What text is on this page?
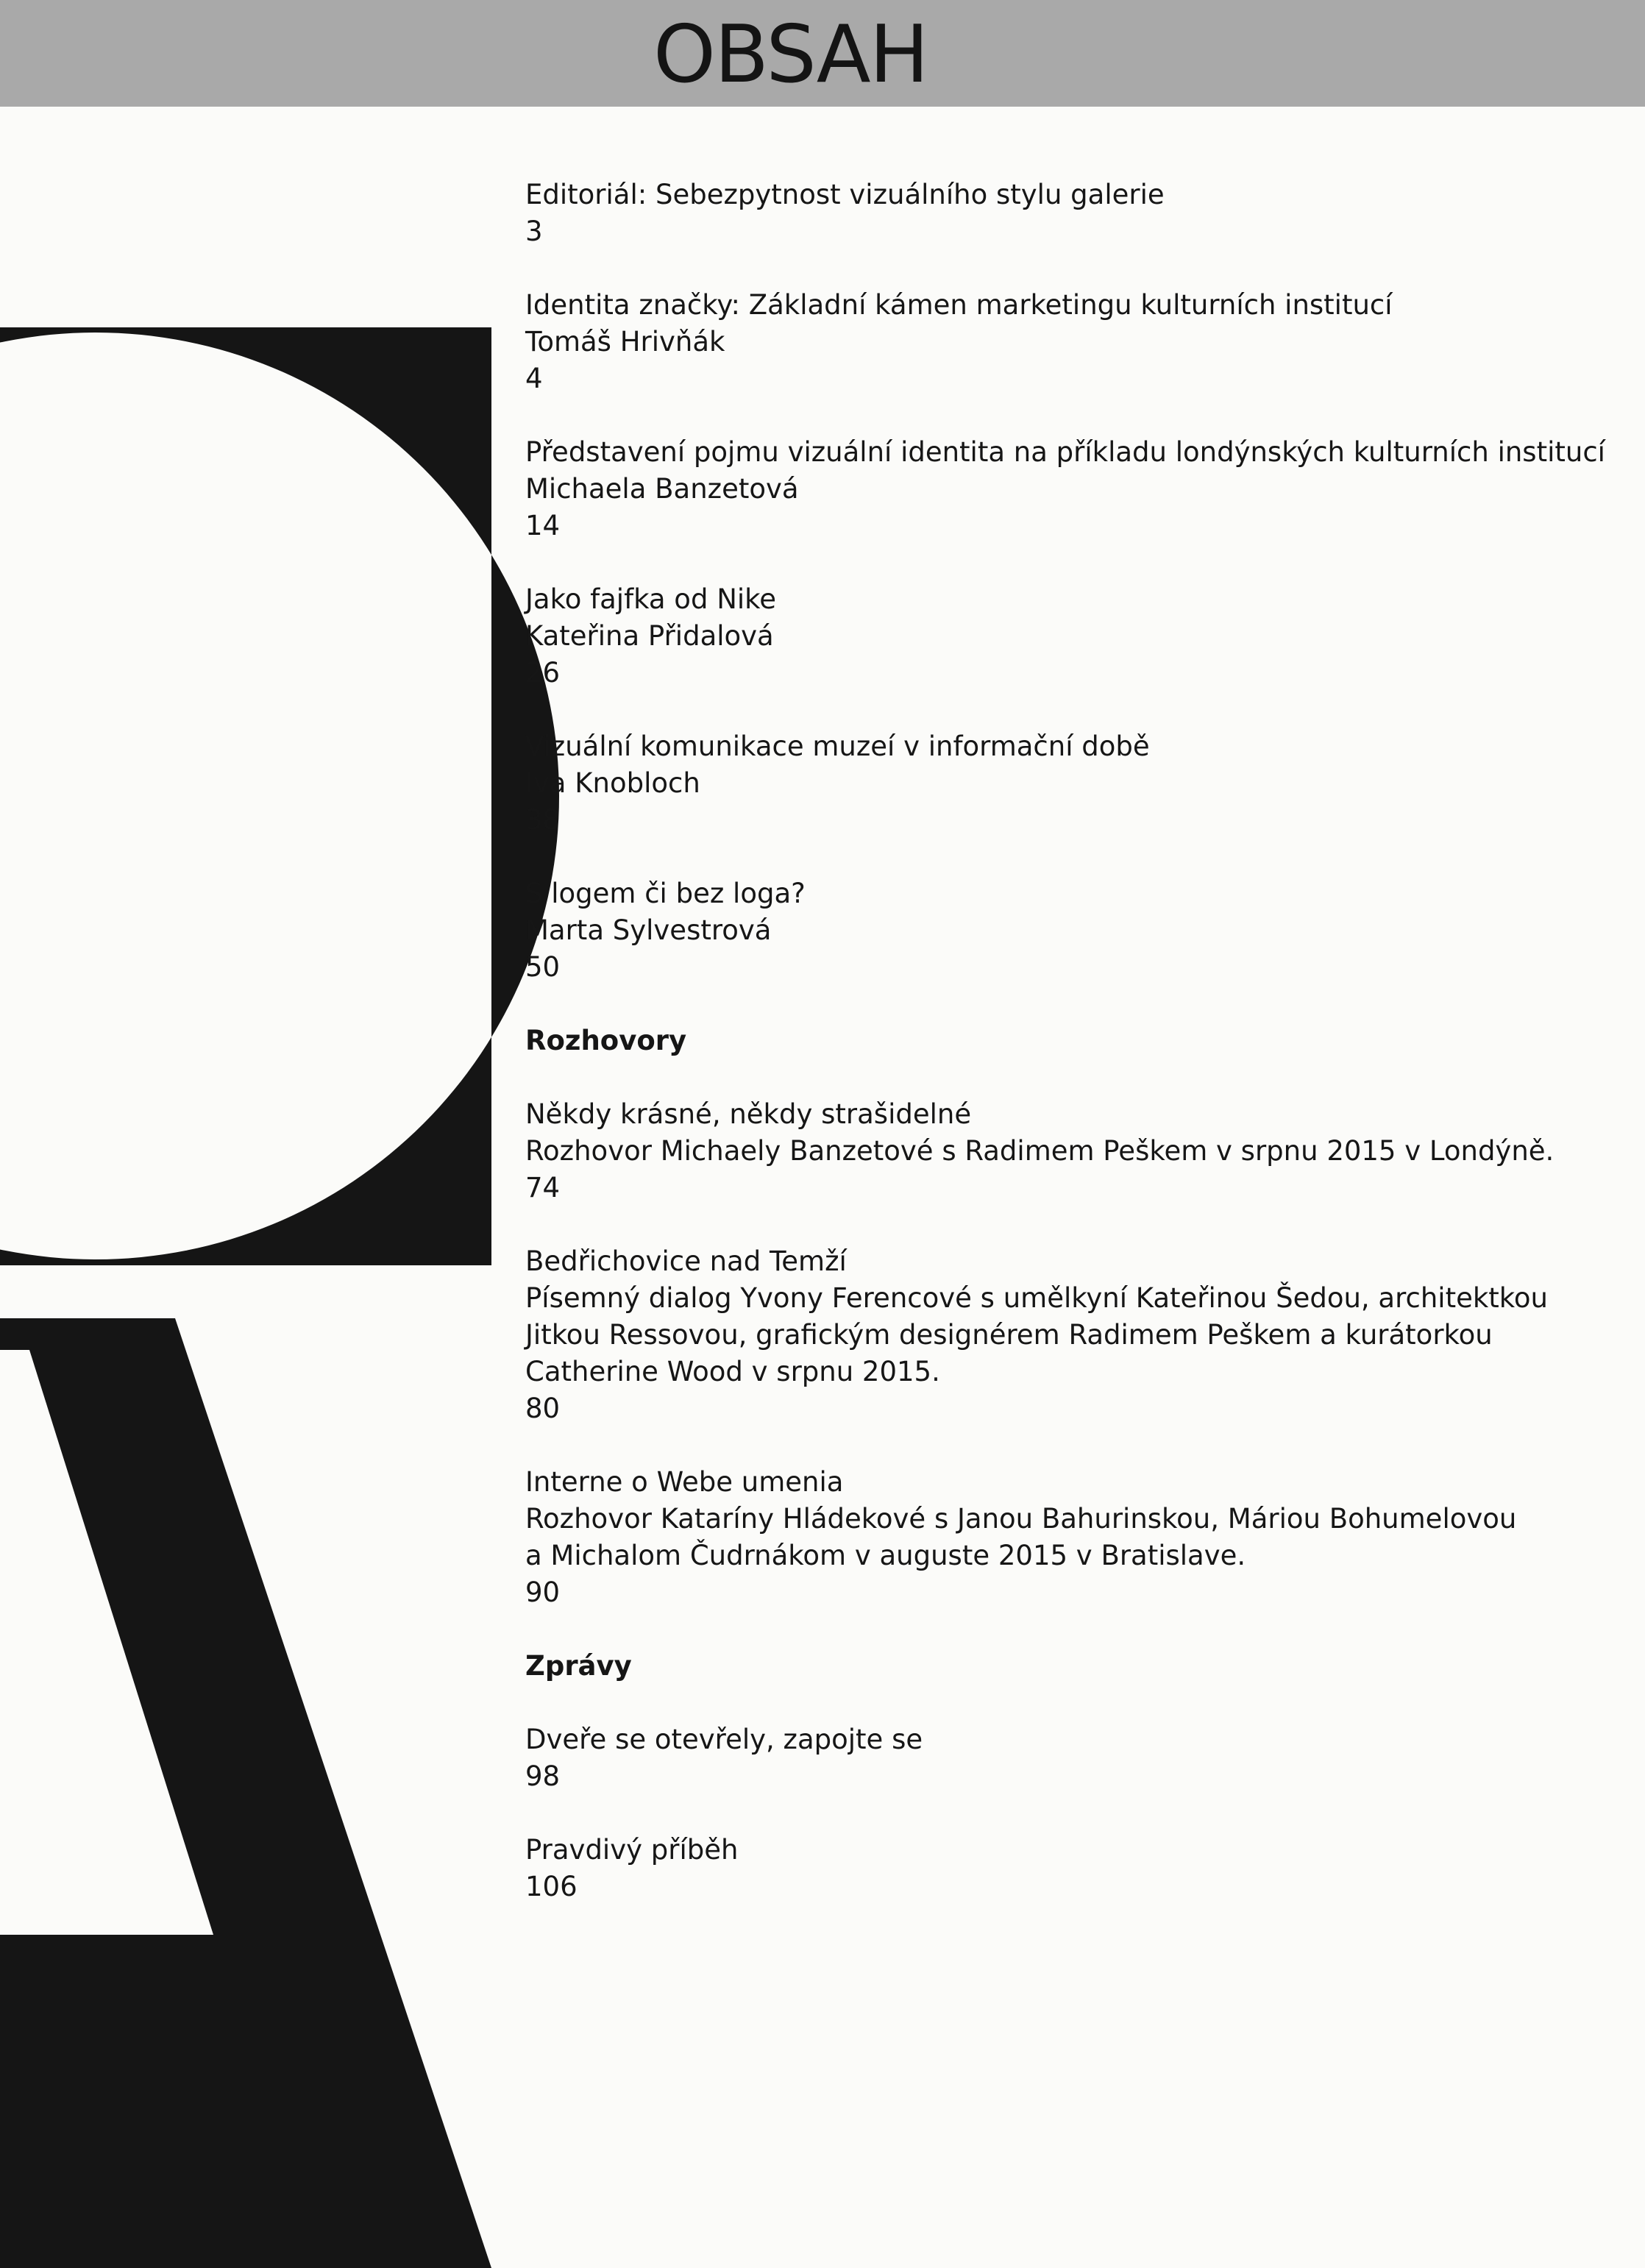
OBSAH
Editoriál: Sebezpytnost vizuálního stylu galerie
3
Identita značky: Základní kámen marketingu kulturních institucí
Tomáš Hrivňák
4
Představení pojmu vizuální identita na příkladu londýnských kulturních institucí
Michaela Banzetová
14
Jako fajfka od Nike
Kateřina Přidalová
26
Vizuální komunikace muzeí v informační době
Iva Knobloch
38
S logem či bez loga?
Marta Sylvestrová
50
Rozhovory
Někdy krásné, někdy strašidelné
Rozhovor Michaely Banzetové s Radimem Peškem v srpnu 2015 v Londýně.
74
Bedřichovice nad Temží
Písemný dialog Yvony Ferencové s umělkyní Kateřinou Šedou, architektkou
Jitkou Ressovou, grafickým designérem Radimem Peškem a kurátorkou
Catherine Wood v srpnu 2015.
80
Interne o Webe umenia
Rozhovor Kataríny Hládekové s Janou Bahurinskou, Máriou Bohumelovou
a Michalom Čudrnákom v auguste 2015 v Bratislave.
90
Zprávy
Dveře se otevřely, zapojte se
98
Pravdivý příběh
106
